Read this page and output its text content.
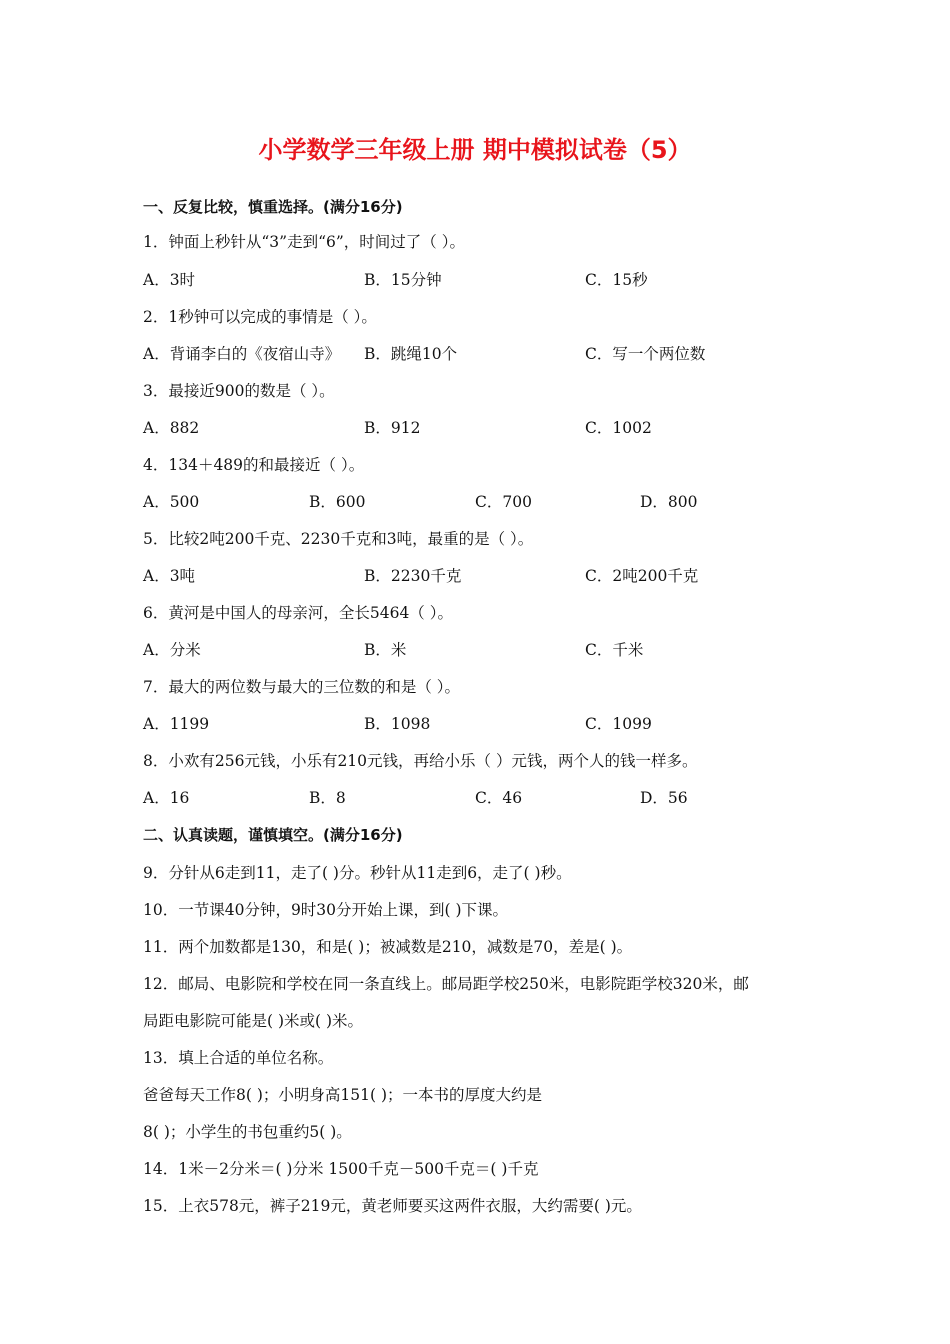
小学数学三年级上册 期中模拟试卷（5）
一、反复比较，慎重选择。(满分16分)
1．钟面上秒针从“3”走到“6”，时间过了（ ）。
A．3时	B．15分钟	C．15秒
2．1秒钟可以完成的事情是（ ）。
A．背诵李白的《夜宿山寺》 B．跳绳10个	C．写一个两位数
3．最接近900的数是（ ）。
A．882	B．912	C．1002
4．134＋489的和最接近（ ）。
A．500	B．600	C．700	D．800
5．比较2吨200千克、2230千克和3吨，最重的是（ ）。
A．3吨	B．2230千克	C．2吨200千克
6．黄河是中国人的母亲河，全长5464（ ）。
A．分米	B．米	C．千米
7．最大的两位数与最大的三位数的和是（ ）。
A．1199	B．1098	C．1099
8．小欢有256元钱，小乐有210元钱，再给小乐（ ）元钱，两个人的钱一样多。
A．16	B．8	C．46	D．56
二、认真读题，谨慎填空。(满分16分)
9．分针从6走到11，走了( )分。秒针从11走到6，走了( )秒。
10．一节课40分钟，9时30分开始上课，到( )下课。
11．两个加数都是130，和是( )；被减数是210，减数是70，差是( )。
12．邮局、电影院和学校在同一条直线上。邮局距学校250米，电影院距学校320米，邮
局距电影院可能是( )米或( )米。
13．填上合适的单位名称。
爸爸每天工作8( )；小明身高151( )；一本书的厚度大约是
8( )；小学生的书包重约5( )。
14．1米－2分米＝( )分米 1500千克－500千克＝( )千克
15．上衣578元，裤子219元，黄老师要买这两件衣服，大约需要( )元。
